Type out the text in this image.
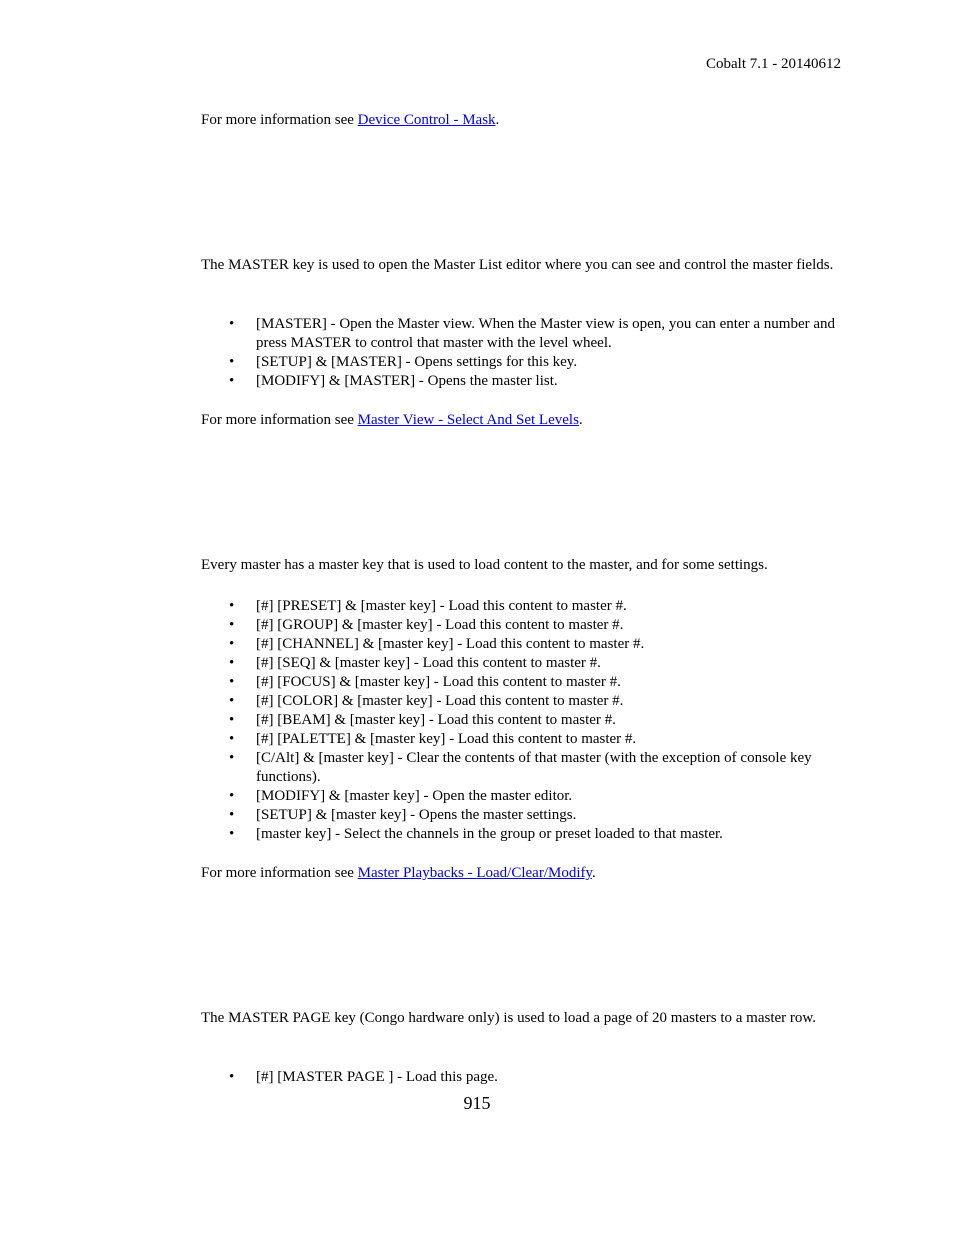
Cobalt 7.1 - 20140612

For more information see Device Control - Mask.

The MASTER key is used to open the Master List editor where you can see and control the master fields.

• [MASTER] - Open the Master view. When the Master view is open, you can enter a number and press MASTER to control that master with the level wheel.
• [SETUP] & [MASTER] - Opens settings for this key.
• [MODIFY] & [MASTER] - Opens the master list.

For more information see Master View - Select And Set Levels.

Every master has a master key that is used to load content to the master, and for some settings.

• [#] [PRESET] & [master key] - Load this content to master #.
• [#] [GROUP] & [master key] - Load this content to master #.
• [#] [CHANNEL] & [master key] - Load this content to master #.
• [#] [SEQ] & [master key] - Load this content to master #.
• [#] [FOCUS] & [master key] - Load this content to master #.
• [#] [COLOR] & [master key] - Load this content to master #.
• [#] [BEAM] & [master key] - Load this content to master #.
• [#] [PALETTE] & [master key] - Load this content to master #.
• [C/Alt] & [master key] - Clear the contents of that master (with the exception of console key functions).
• [MODIFY] & [master key] - Open the master editor.
• [SETUP] & [master key] - Opens the master settings.
• [master key] - Select the channels in the group or preset loaded to that master.

For more information see Master Playbacks - Load/Clear/Modify.

The MASTER PAGE key (Congo hardware only) is used to load a page of 20 masters to a master row.

• [#] [MASTER PAGE ] - Load this page.
915
